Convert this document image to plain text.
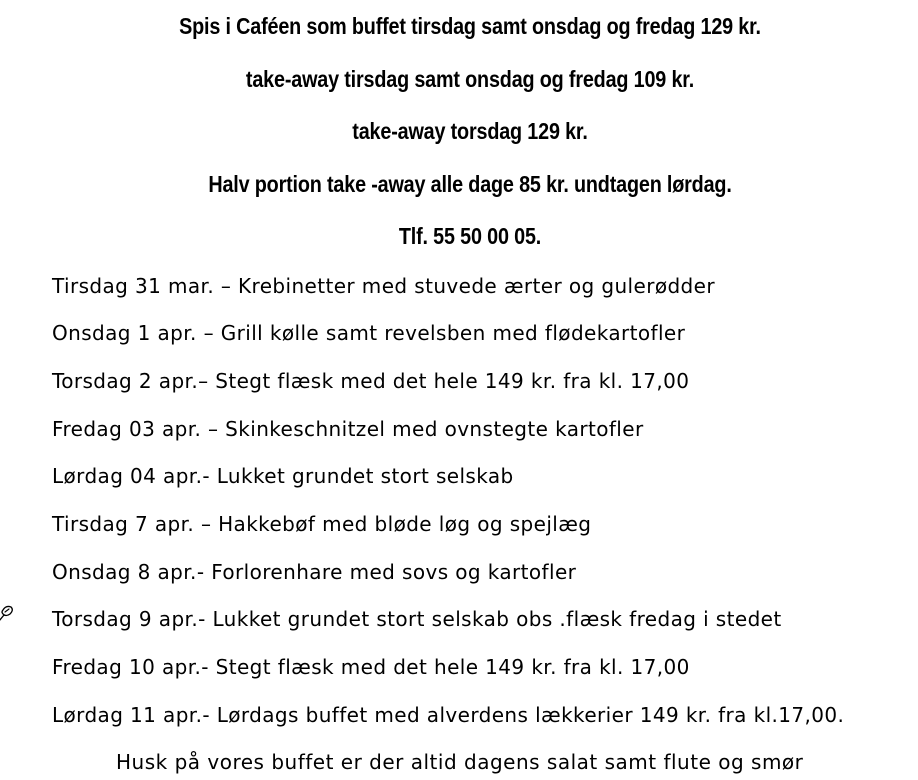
Spis i Caféen som buffet tirsdag samt onsdag og fredag 129 kr.
take-away tirsdag samt onsdag og fredag 109 kr.
take-away torsdag 129 kr.
Halv portion take -away alle dage 85 kr. undtagen lørdag.
Tlf. 55 50 00 05.
Tirsdag 31 mar. – Krebinetter med stuvede ærter og gulerødder
Onsdag 1 apr. – Grill kølle samt revelsben med flødekartofler
Torsdag 2 apr.– Stegt flæsk med det hele 149 kr. fra kl. 17,00
Fredag 03 apr. – Skinkeschnitzel med ovnstegte kartofler
Lørdag 04 apr.- Lukket grundet stort selskab
Tirsdag 7 apr. – Hakkebøf med bløde løg og spejlæg
Onsdag 8 apr.- Forlorenhare med sovs og kartofler
Torsdag 9 apr.- Lukket grundet stort selskab obs .flæsk fredag i stedet
Fredag 10 apr.- Stegt flæsk med det hele 149 kr. fra kl. 17,00
Lørdag 11 apr.- Lørdags buffet med alverdens lækkerier 149 kr. fra kl.17,00.
Husk på vores buffet er der altid dagens salat samt flute og smør
